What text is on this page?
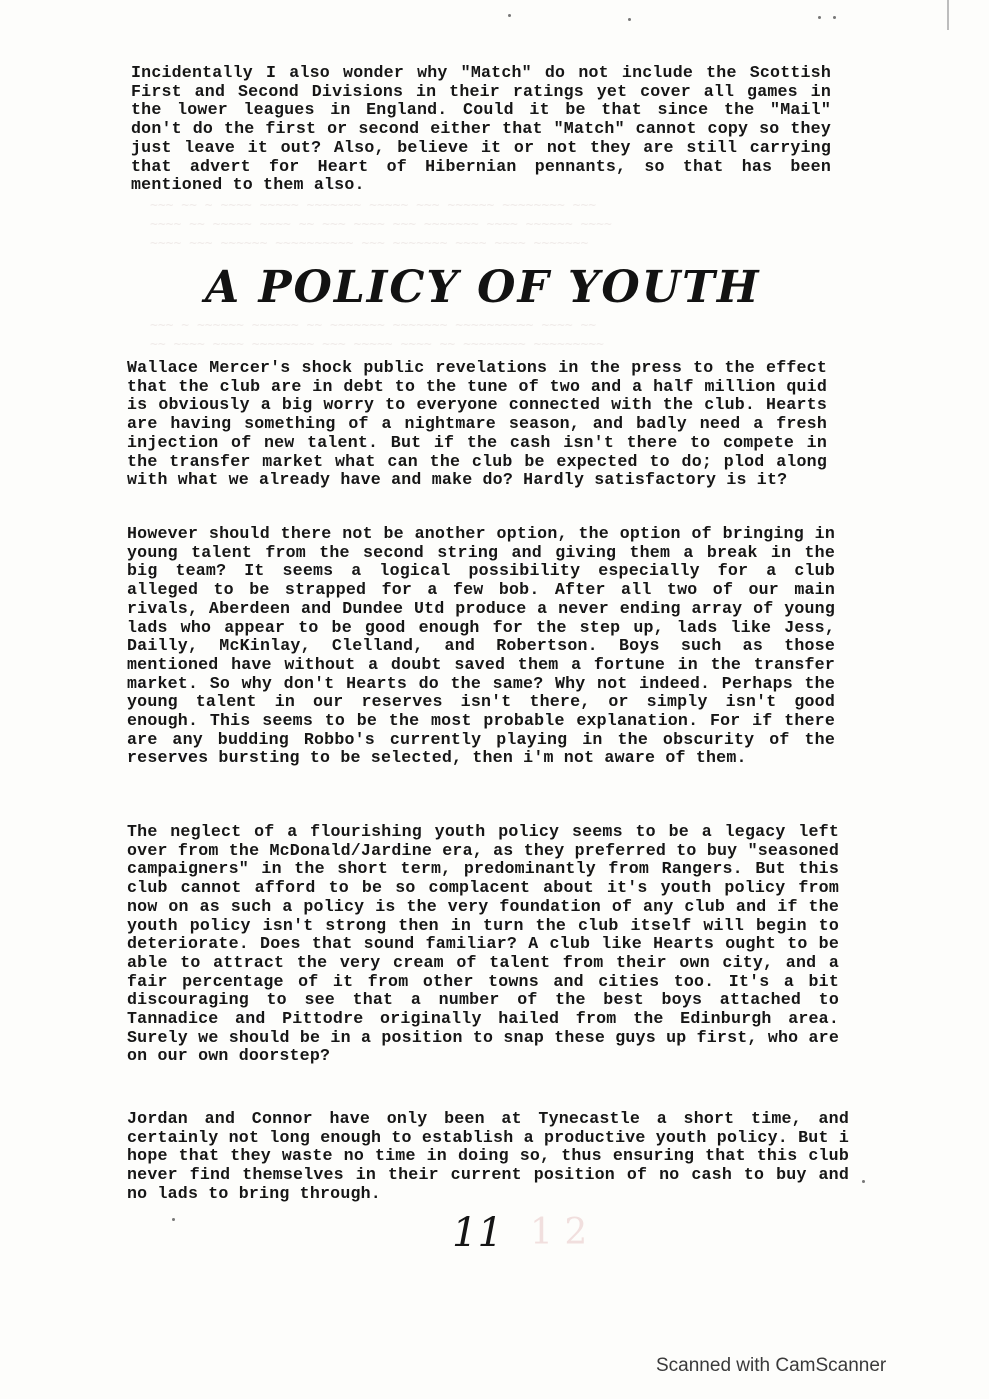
~~~ ~~ ~ ~~~~ ~~~~~ ~~~~~~~ ~~~~~ ~~~ ~~~~~~ ~~~~~~~~ ~~~
~~~~ ~~ ~~~~~ ~~~~ ~~ ~~~ ~~~~ ~~~ ~~~~~~~ ~~~~ ~~~~~~ ~~~~
~~~~ ~~~ ~~~~~~ ~~~~~~~~~~ ~~~ ~~~~~~~ ~~~~ ~~~~ ~~~~~~~
~~~ ~ ~~~~~~ ~~~~~~ ~~ ~~~~~~~ ~~~~~~~ ~~~~~~~~~~ ~~~~ ~~
~~ ~~~~ ~~~~ ~~~~~~~~ ~~~ ~~~~~ ~~~~ ~~ ~~~~~~~~ ~~~~~~~~~

Incidentally I also wonder why "Match" do not include the Scottish First and Second Divisions in their ratings yet cover all games in the lower leagues in England. Could it be that since the "Mail" don't do the first or second either that "Match" cannot copy so they just leave it out? Also, believe it or not they are still carrying that advert for Heart of Hibernian pennants, so that has been mentioned to them also.

A POLICY OF YOUTH

Wallace Mercer's shock public revelations in the press to the effect that the club are in debt to the tune of two and a half million quid is obviously a big worry to everyone connected with the club. Hearts are having something of a nightmare season, and badly need a fresh injection of new talent. But if the cash isn't there to compete in the transfer market what can the club be expected to do; plod along with what we already have and make do? Hardly satisfactory is it?

However should there not be another option, the option of bringing in young talent from the second string and giving them a break in the big team? It seems a logical possibility especially for a club alleged to be strapped for a few bob. After all two of our main rivals, Aberdeen and Dundee Utd produce a never ending array of young lads who appear to be good enough for the step up, lads like Jess, Dailly, McKinlay, Clelland, and Robertson. Boys such as those mentioned have without a doubt saved them a fortune in the transfer market. So why don't Hearts do the same? Why not indeed. Perhaps the young talent in our reserves isn't there, or simply isn't good enough. This seems to be the most probable explanation. For if there are any budding Robbo's currently playing in the obscurity of the reserves bursting to be selected, then i'm not aware of them.

The neglect of a flourishing youth policy seems to be a legacy left over from the McDonald/Jardine era, as they preferred to buy "seasoned campaigners" in the short term, predominantly from Rangers. But this club cannot afford to be so complacent about it's youth policy from now on as such a policy is the very foundation of any club and if the youth policy isn't strong then in turn the club itself will begin to deteriorate. Does that sound familiar? A club like Hearts ought to be able to attract the very cream of talent from their own city, and a fair percentage of it from other towns and cities too. It's a bit discouraging to see that a number of the best boys attached to Tannadice and Pittodre originally hailed from the Edinburgh area. Surely we should be in a position to snap these guys up first, who are on our own doorstep?

Jordan and Connor have only been at Tynecastle a short time, and certainly not long enough to establish a productive youth policy. But i hope that they waste no time in doing so, thus ensuring that this club never find themselves in their current position of no cash to buy and no lads to bring through.

11 1 2
Scanned with CamScanner
